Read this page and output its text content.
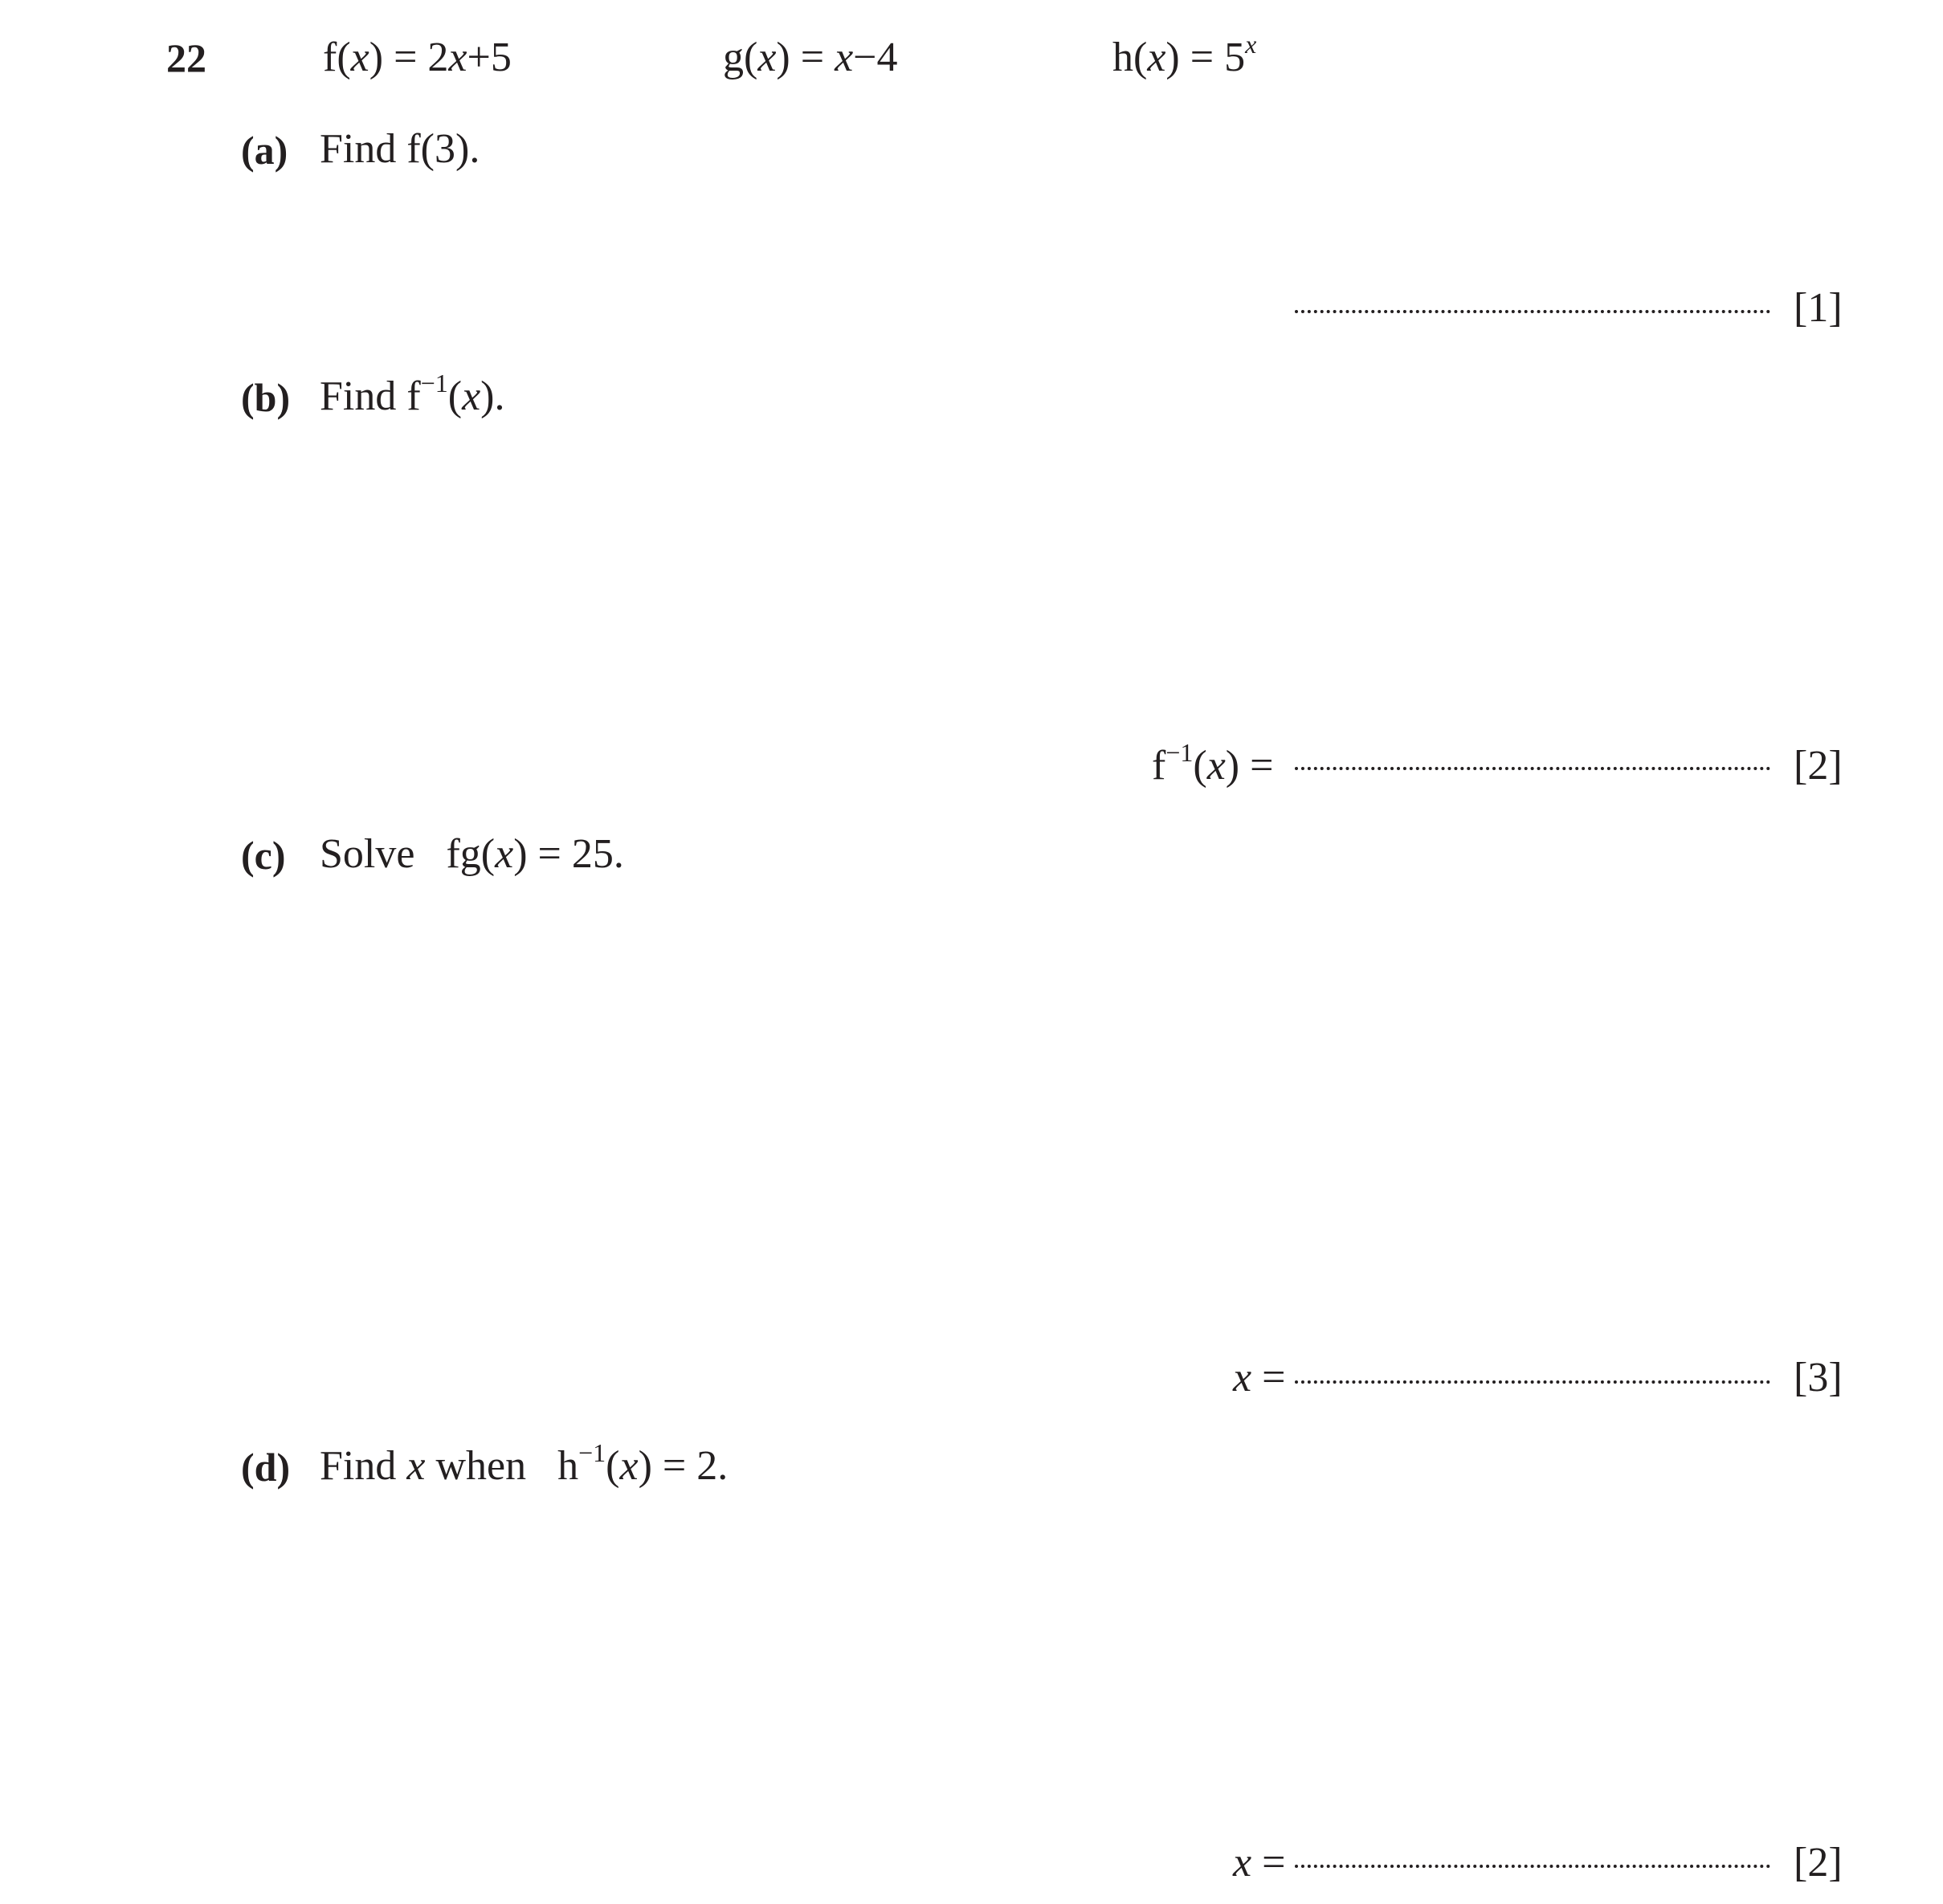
22	f(x) = 2x+5	g(x) = x−4	$h(x) = 5^x$
(a) Find f(3).
[1]
(b) Find $f^{-1}(x)$.
$f^{-1}(x)$ =	[2]
(c) Solve fg(x) = 25.
x =	[3]
(d) Find x when $h^{-1}(x) = 2$.
x =	[2]
